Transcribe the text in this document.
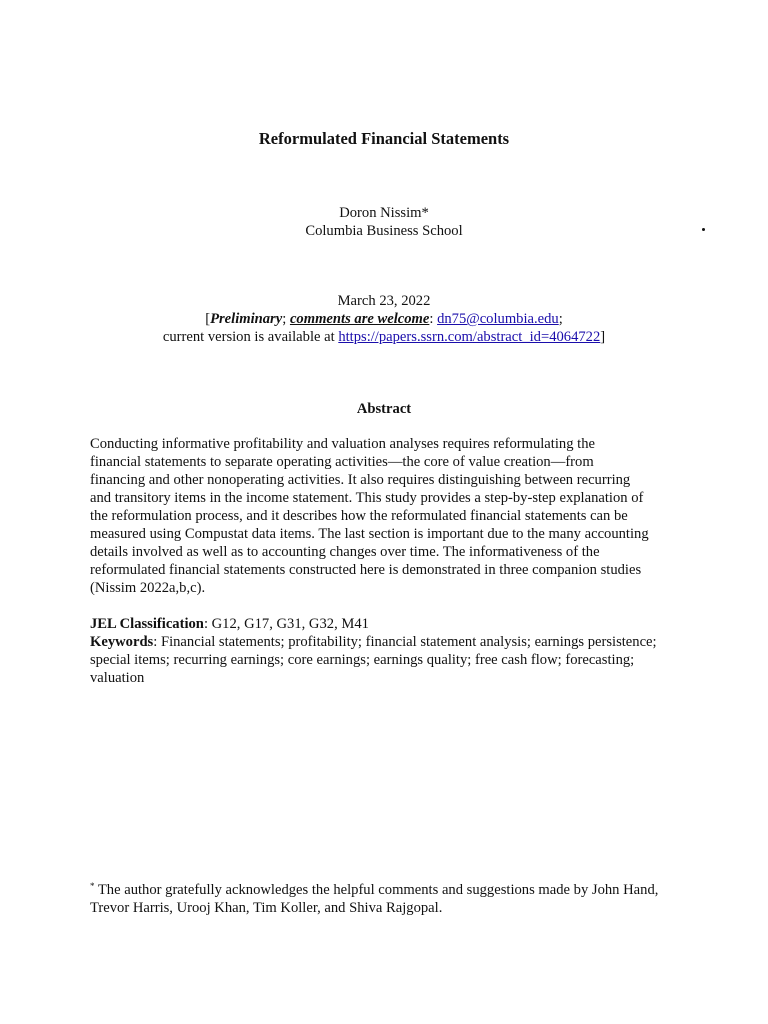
Reformulated Financial Statements
Doron Nissim*
Columbia Business School
March 23, 2022
[Preliminary; comments are welcome: dn75@columbia.edu;
current version is available at https://papers.ssrn.com/abstract_id=4064722]
Abstract
Conducting informative profitability and valuation analyses requires reformulating the
financial statements to separate operating activities—the core of value creation—from
financing and other nonoperating activities. It also requires distinguishing between recurring
and transitory items in the income statement. This study provides a step-by-step explanation of
the reformulation process, and it describes how the reformulated financial statements can be
measured using Compustat data items. The last section is important due to the many accounting
details involved as well as to accounting changes over time. The informativeness of the
reformulated financial statements constructed here is demonstrated in three companion studies
(Nissim 2022a,b,c).
JEL Classification: G12, G17, G31, G32, M41
Keywords: Financial statements; profitability; financial statement analysis; earnings persistence;
special items; recurring earnings; core earnings; earnings quality; free cash flow; forecasting;
valuation
* The author gratefully acknowledges the helpful comments and suggestions made by John Hand,
Trevor Harris, Urooj Khan, Tim Koller, and Shiva Rajgopal.
